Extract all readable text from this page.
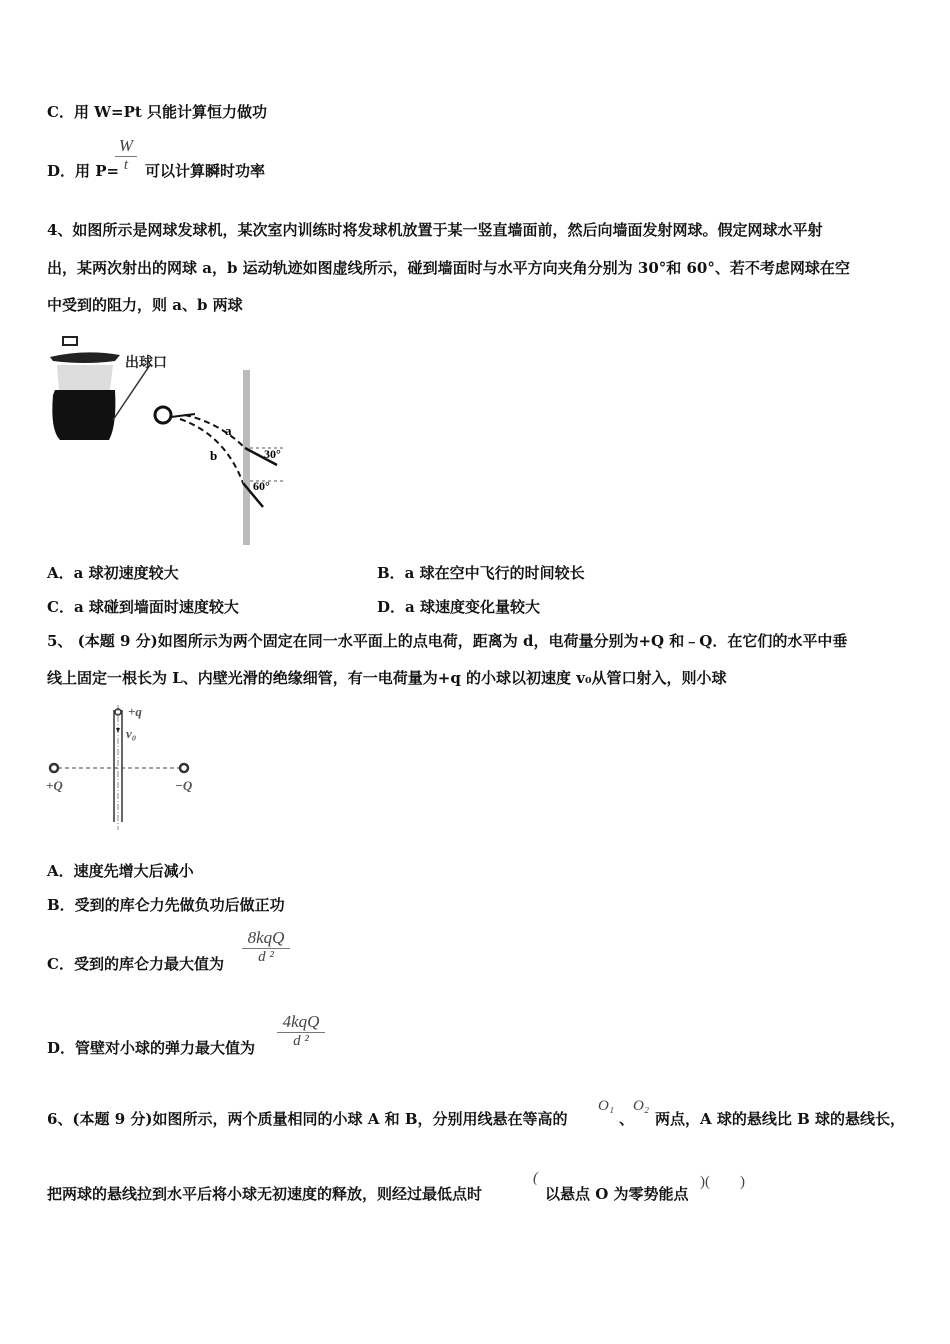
C．用 W=Pt 只能计算恒力做功
D．用 P=
$\frac{W}{t}$ 可以计算瞬时功率
4、如图所示是网球发球机，某次室内训练时将发球机放置于某一竖直墙面前，然后向墙面发射网球。假定网球水平射
出，某两次射出的网球 a，b 运动轨迹如图虚线所示，碰到墙面时与水平方向夹角分别为 30°和 60°、若不考虑网球在空
中受到的阻力，则 a、b 两球
出球口
a
b	30°
60°
A．a 球初速度较大	B．a 球在空中飞行的时间较长
C．a 球碰到墙面时速度较大	D．a 球速度变化量较大
5、 (本题 9 分)如图所示为两个固定在同一水平面上的点电荷，距离为 d，电荷量分别为+Q 和﹣Q．在它们的水平中垂
线上固定一根长为 L、内壁光滑的绝缘细管，有一电荷量为+q 的小球以初速度 v₀从管口射入，则小球
+q
v₀
+Q	−Q
A．速度先增大后减小
B．受到的库仑力先做负功后做正功
C．受到的库仑力最大值为
8kqQ
d ²
D．管壁对小球的弹力最大值为
4kqQ
d ²
6、(本题 9 分)如图所示，两个质量相同的小球 A 和 B，分别用线悬在等高的
O₁
、
O₂
两点，A 球的悬线比 B 球的悬线长，
把两球的悬线拉到水平后将小球无初速度的释放，则经过最低点时
(
以悬点 O 为零势能点
)(　　)
